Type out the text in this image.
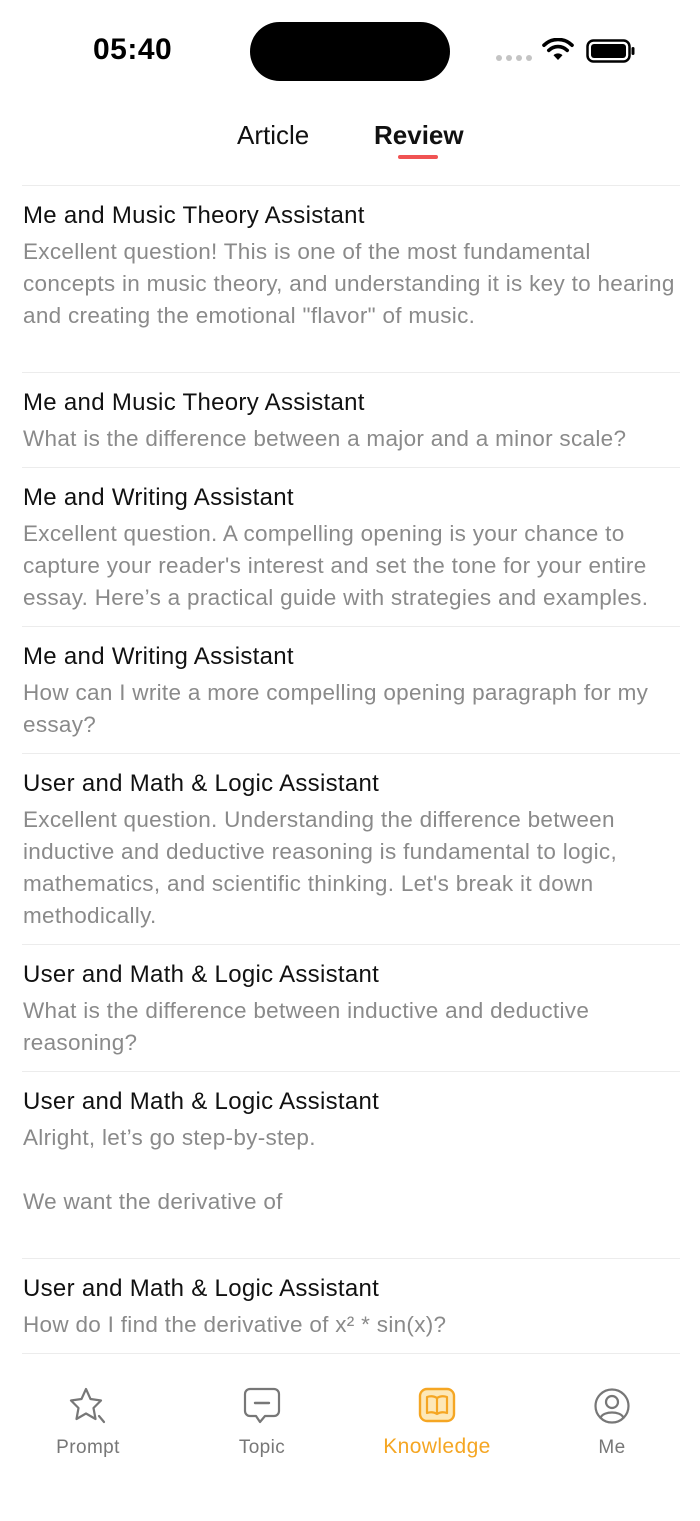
05:40
Article Review
Me and Music Theory Assistant
Excellent question! This is one of the most fundamental concepts in music theory, and understanding it is key to hearing and creating the emotional "flavor" of music.
Me and Music Theory Assistant
What is the difference between a major and a minor scale?
Me and Writing Assistant
Excellent question. A compelling opening is your chance to capture your reader's interest and set the tone for your entire essay. Here’s a practical guide with strategies and examples.
Me and Writing Assistant
How can I write a more compelling opening paragraph for my essay?
User and Math & Logic Assistant
Excellent question. Understanding the difference between inductive and deductive reasoning is fundamental to logic, mathematics, and scientific thinking. Let's break it down methodically.
User and Math & Logic Assistant
What is the difference between inductive and deductive reasoning?
User and Math & Logic Assistant
Alright, let’s go step-by-step.

We want the derivative of
User and Math & Logic Assistant
How do I find the derivative of x² * sin(x)?
Prompt	Topic	Knowledge	Me
